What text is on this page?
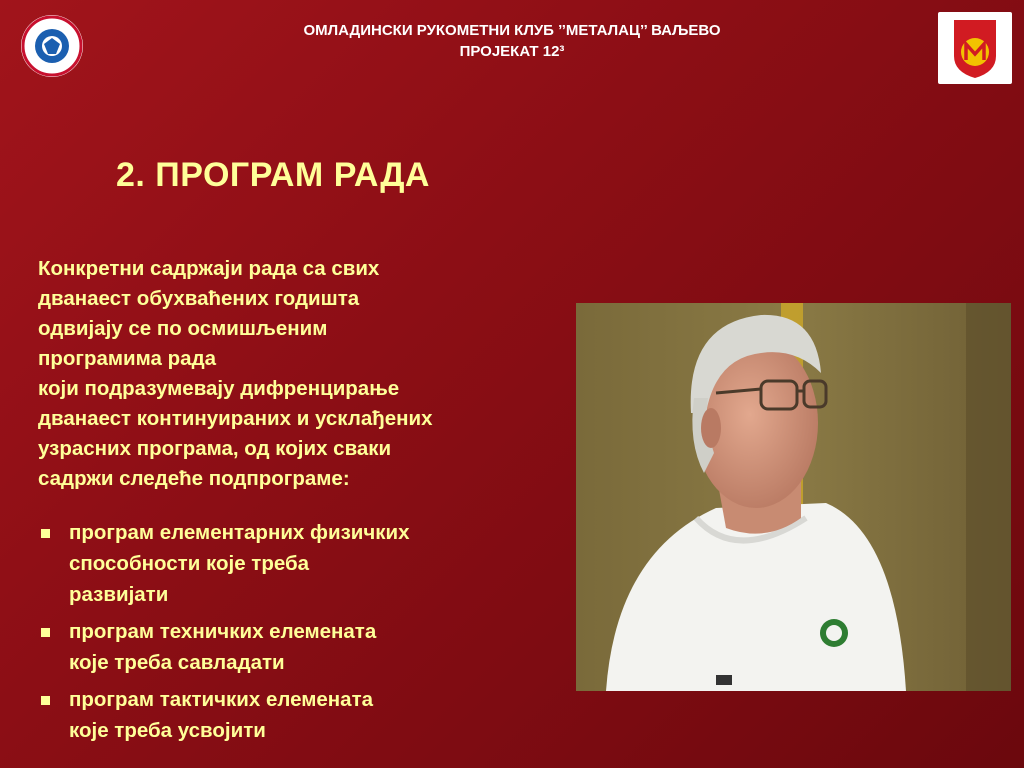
ОМЛАДИНСКИ РУКОМЕТНИ КЛУБ ’’МЕТАЛАЦ’’ ВАЉЕВО
ПРОЈЕКАТ 12³
2. ПРОГРАМ РАДА
Конкретни садржаји рада са свих
дванаест обухваћених годишта
одвијају се по осмишљеним
програмима рада
који подразумевају дифренцирање
дванаест континуираних и усклађених
узрасних програма, од којих сваки
садржи следеће подпрограме:
програм елементарних физичких
способности које треба
развијати
програм техничких елемената
које треба савладати
програм тактичких елемената
које треба усвојити
